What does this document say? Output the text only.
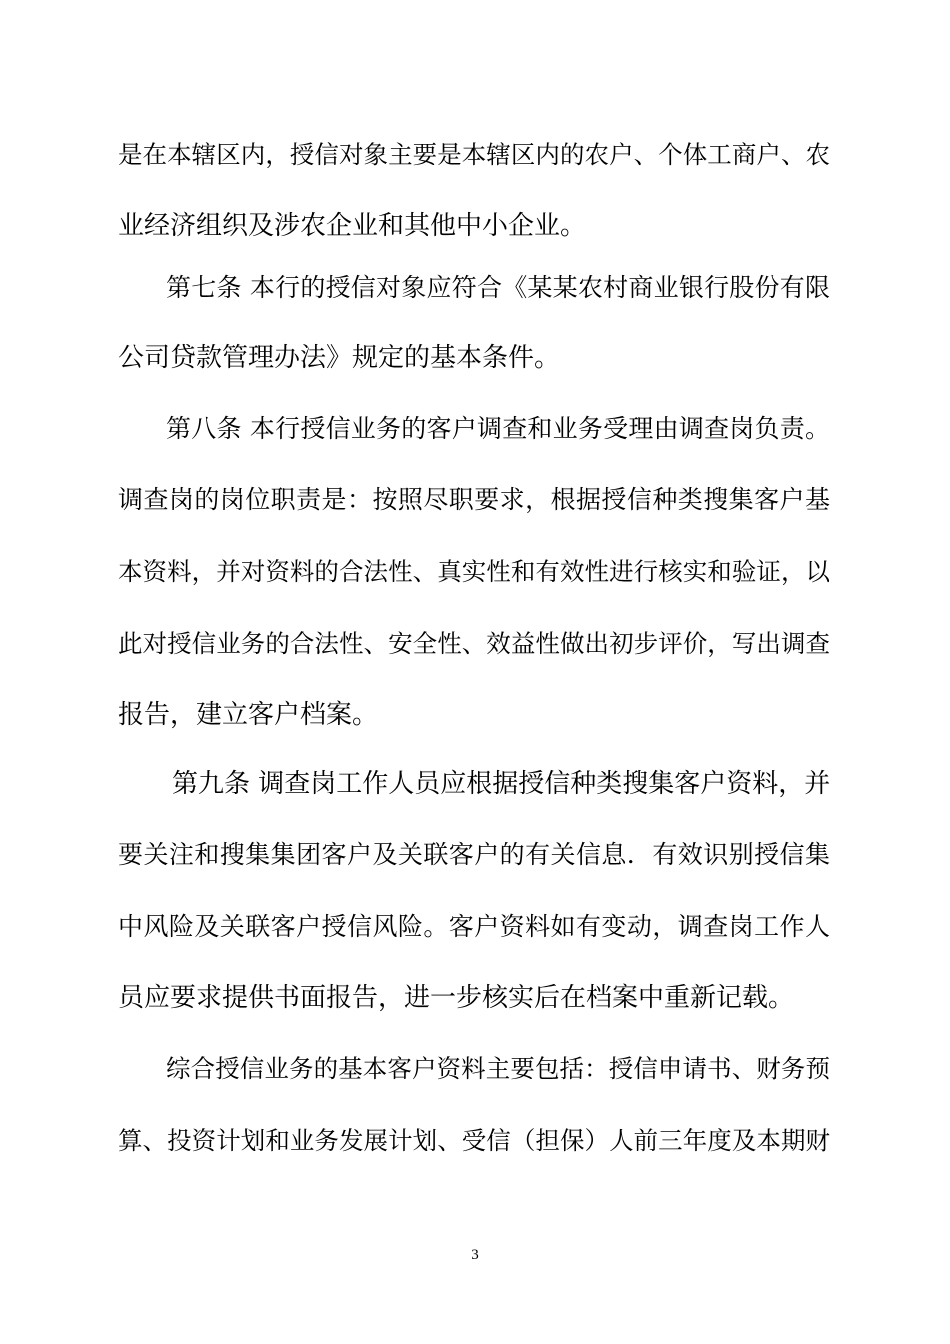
是在本辖区内，授信对象主要是本辖区内的农户、个体工商户、农
业经济组织及涉农企业和其他中小企业。
第七条 本行的授信对象应符合《某某农村商业银行股份有限
公司贷款管理办法》规定的基本条件。
第八条 本行授信业务的客户调查和业务受理由调查岗负责。
调查岗的岗位职责是：按照尽职要求，根据授信种类搜集客户基
本资料，并对资料的合法性、真实性和有效性进行核实和验证，以
此对授信业务的合法性、安全性、效益性做出初步评价，写出调查
报告，建立客户档案。
第九条 调查岗工作人员应根据授信种类搜集客户资料，并
要关注和搜集集团客户及关联客户的有关信息．有效识别授信集
中风险及关联客户授信风险。客户资料如有变动，调查岗工作人
员应要求提供书面报告，进一步核实后在档案中重新记载。
综合授信业务的基本客户资料主要包括：授信申请书、财务预
算、投资计划和业务发展计划、受信（担保）人前三年度及本期财
3
